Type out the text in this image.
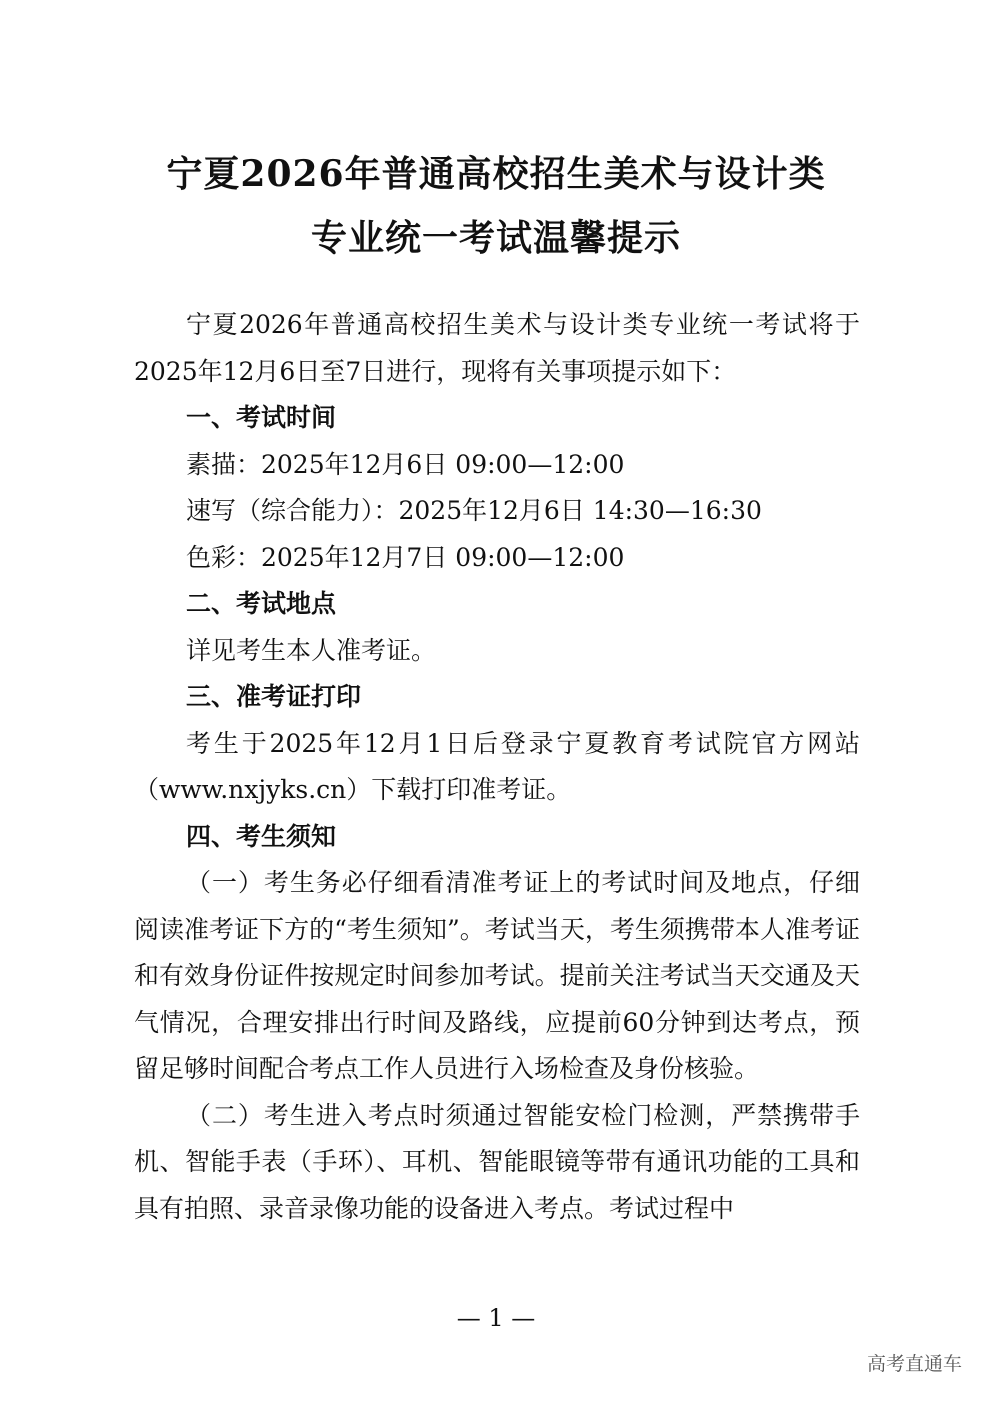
宁夏2026年普通高校招生美术与设计类
专业统一考试温馨提示

宁夏2026年普通高校招生美术与设计类专业统一考试将于2025年12月6日至7日进行，现将有关事项提示如下：

一、考试时间

素描：2025年12月6日 09:00—12:00

速写（综合能力）：2025年12月6日 14:30—16:30

色彩：2025年12月7日 09:00—12:00

二、考试地点

详见考生本人准考证。

三、准考证打印

考生于2025年12月1日后登录宁夏教育考试院官方网站（www.nxjyks.cn）下载打印准考证。

四、考生须知

（一）考生务必仔细看清准考证上的考试时间及地点，仔细阅读准考证下方的“考生须知”。考试当天，考生须携带本人准考证和有效身份证件按规定时间参加考试。提前关注考试当天交通及天气情况，合理安排出行时间及路线，应提前60分钟到达考点，预留足够时间配合考点工作人员进行入场检查及身份核验。

（二）考生进入考点时须通过智能安检门检测，严禁携带手机、智能手表（手环）、耳机、智能眼镜等带有通讯功能的工具和具有拍照、录音录像功能的设备进入考点。考试过程中

— 1 —
高考直通车
